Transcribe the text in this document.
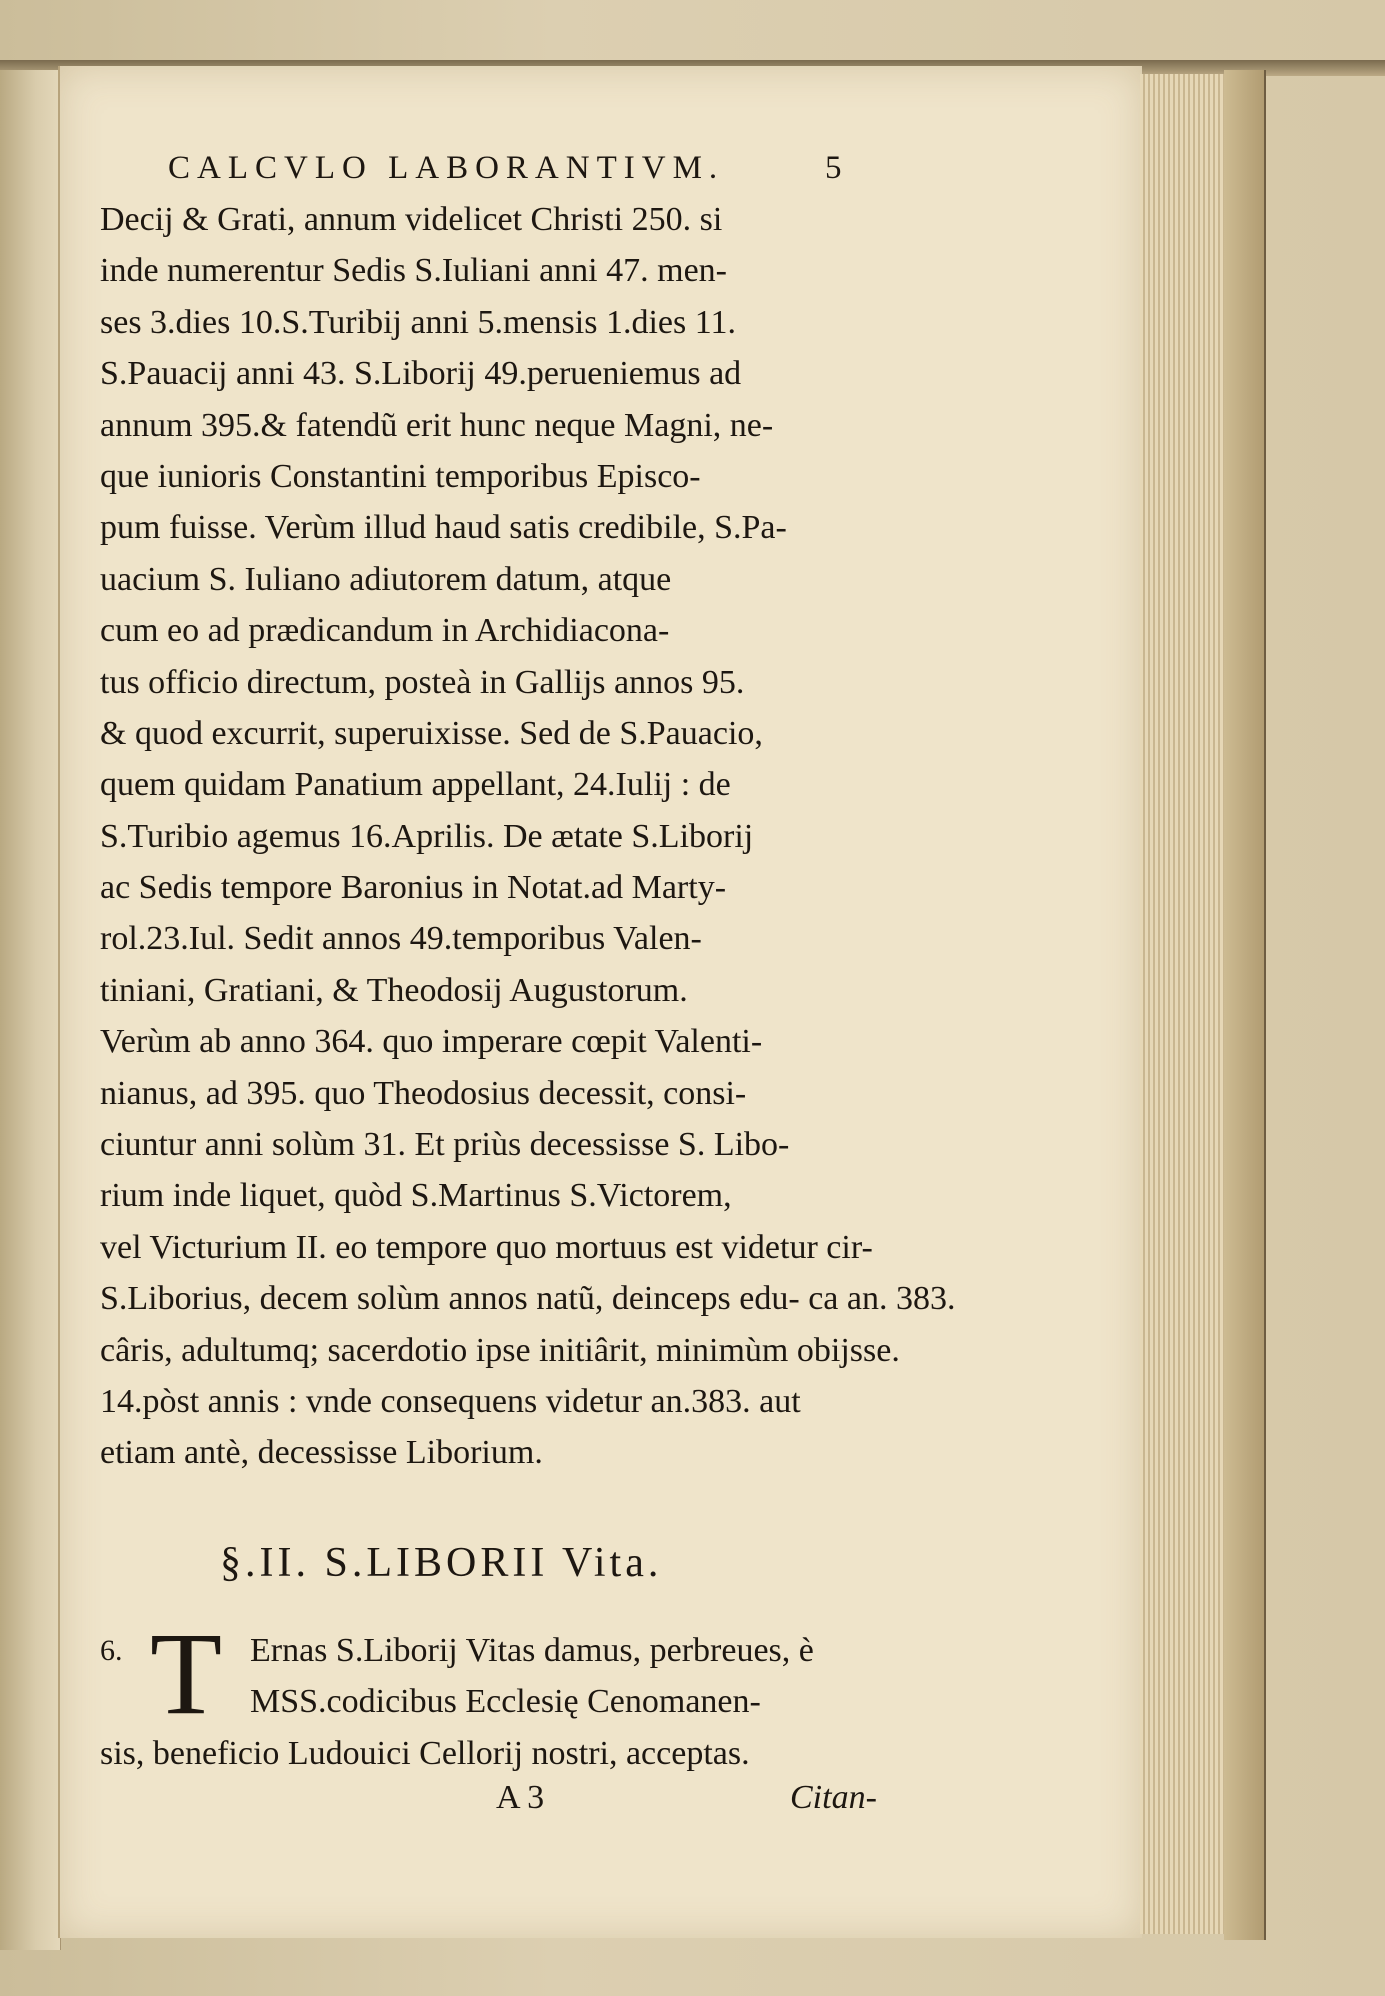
CALCVLO LABORANTIVM.	5
Decij & Grati, annum videlicet Christi 250. si
inde numerentur Sedis S.Iuliani anni 47. men-
ses 3.dies 10.S.Turibij anni 5.mensis 1.dies 11.
S.Pauacij anni 43. S.Liborij 49.perueniemus ad
annum 395.& fatendũ erit hunc neque Magni, ne-
que iunioris Constantini temporibus Episco-
pum fuisse. Verùm illud haud satis credibile, S.Pa-
uacium S. Iuliano adiutorem datum, atque
cum eo ad prædicandum in Archidiacona-
tus officio directum, posteà in Gallijs annos 95.
& quod excurrit, superuixisse. Sed de S.Pauacio,
quem quidam Panatium appellant, 24.Iulij : de
S.Turibio agemus 16.Aprilis. De ætate S.Liborij
ac Sedis tempore Baronius in Notat.ad Marty-
rol.23.Iul. Sedit annos 49.temporibus Valen-
tiniani, Gratiani, & Theodosij Augustorum.
Verùm ab anno 364. quo imperare cœpit Valenti-
nianus, ad 395. quo Theodosius decessit, consi-
ciuntur anni solùm 31. Et priùs decessisse S. Libo-
rium inde liquet, quòd S.Martinus S.Victorem,
vel Victurium II. eo tempore quo mortuus est videtur cir-
S.Liborius, decem solùm annos natũ, deinceps edu- ca an. 383.
câris, adultumq; sacerdotio ipse initiârit, minimùm obijsse.
14.pòst annis : vnde consequens videtur an.383. aut
etiam antè, decessisse Liborium.
§.II. S.LIBORII Vita.
6. T Ernas S.Liborij Vitas damus, perbreues, è
MSS.codicibus Ecclesię Cenomanen-
sis, beneficio Ludouici Cellorij nostri, acceptas.
A 3	Citan-
